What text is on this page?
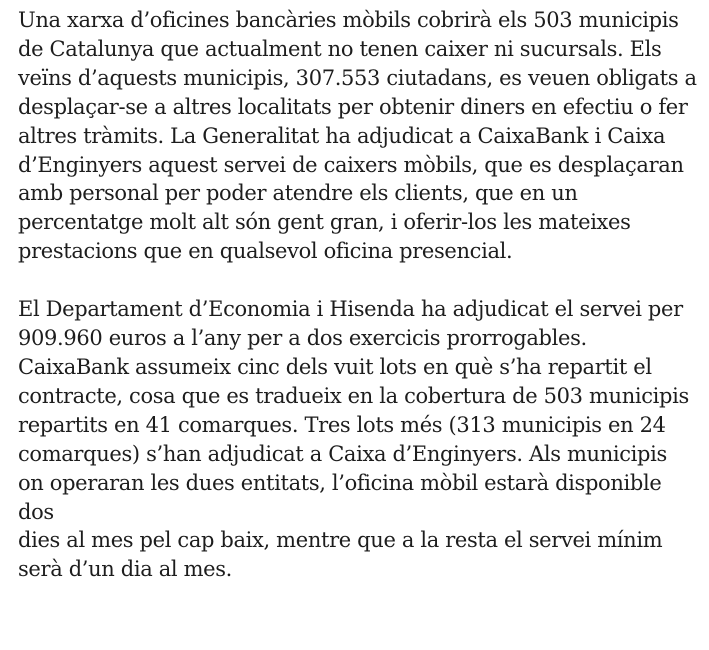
Una xarxa d’oficines bancàries mòbils cobrirà els 503 municipis
de Catalunya que actualment no tenen caixer ni sucursals. Els
veïns d’aquests municipis, 307.553 ciutadans, es veuen obligats a
desplaçar-se a altres localitats per obtenir diners en efectiu o fer
altres tràmits. La Generalitat ha adjudicat a CaixaBank i Caixa
d’Enginyers aquest servei de caixers mòbils, que es desplaçaran
amb personal per poder atendre els clients, que en un
percentatge molt alt són gent gran, i oferir-los les mateixes
prestacions que en qualsevol oficina presencial.

El Departament d’Economia i Hisenda ha adjudicat el servei per
909.960 euros a l’any per a dos exercicis prorrogables.
CaixaBank assumeix cinc dels vuit lots en què s’ha repartit el
contracte, cosa que es tradueix en la cobertura de 503 municipis
repartits en 41 comarques. Tres lots més (313 municipis en 24
comarques) s’han adjudicat a Caixa d’Enginyers. Als municipis
on operaran les dues entitats, l’oficina mòbil estarà disponible
dos
dies al mes pel cap baix, mentre que a la resta el servei mínim
serà d’un dia al mes.
